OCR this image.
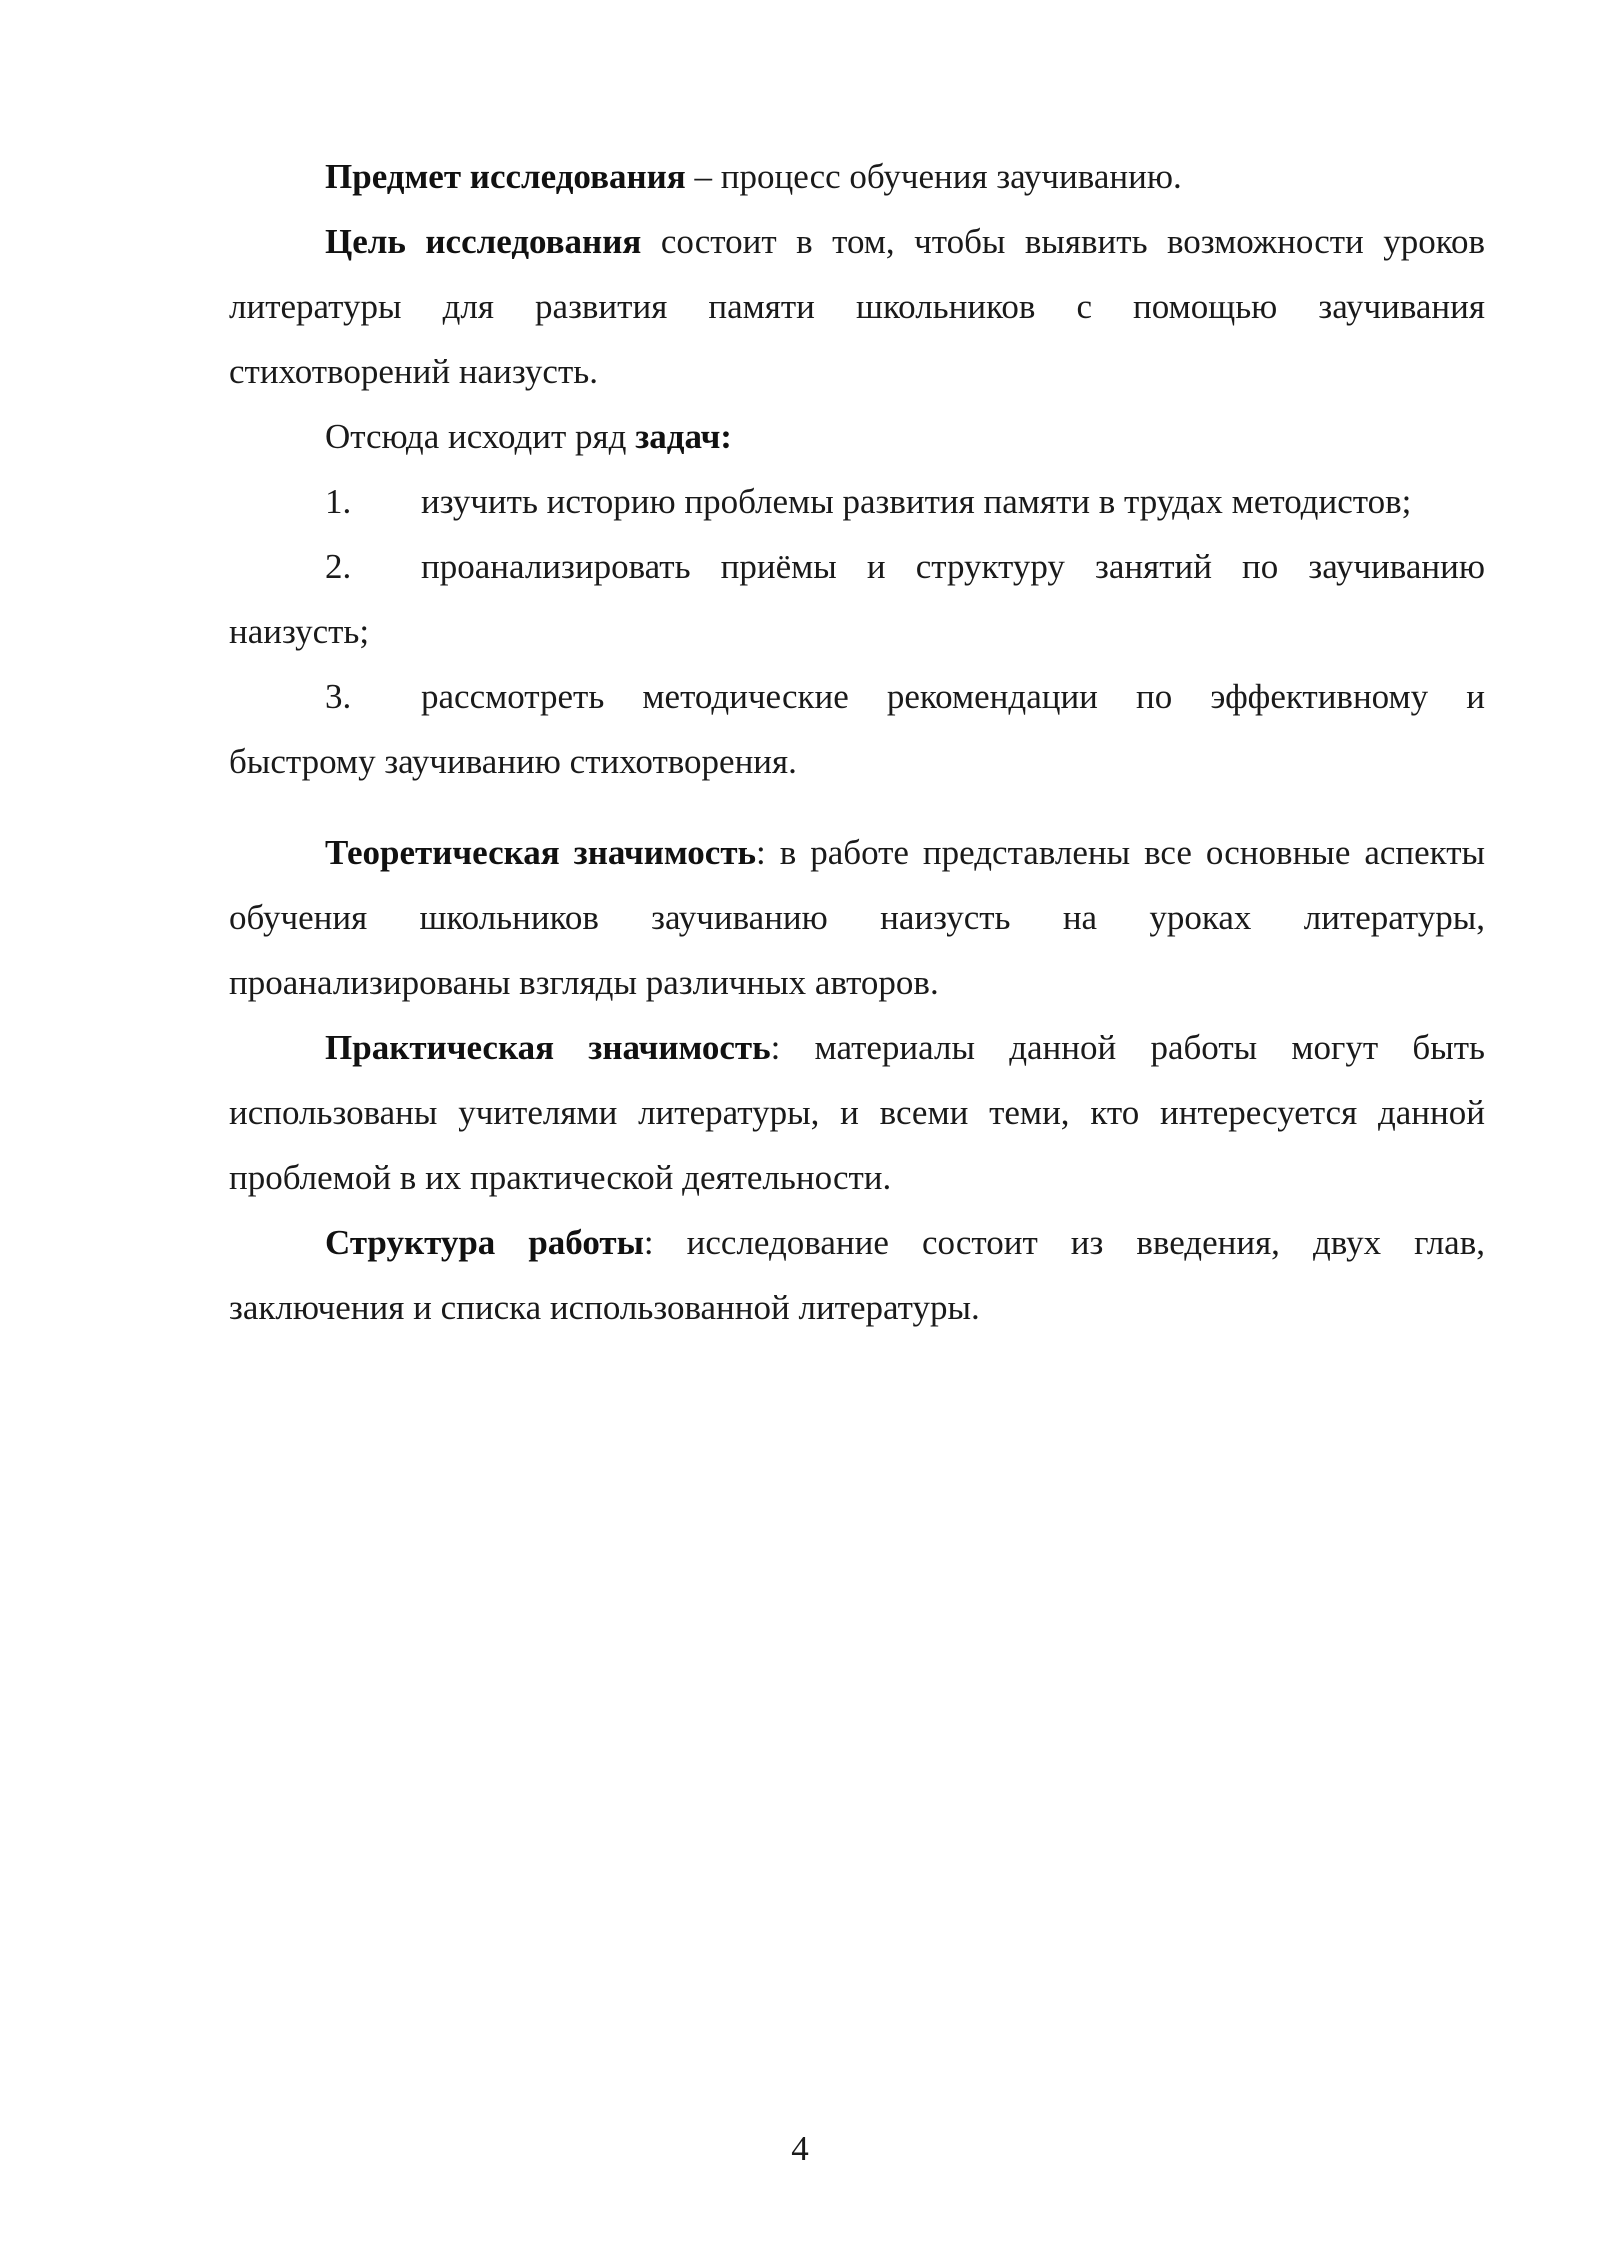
Предмет исследования – процесс обучения заучиванию.

Цель исследования состоит в том, чтобы выявить возможности уроков литературы для развития памяти школьников с помощью заучивания стихотворений наизусть.

Отсюда исходит ряд задач:

1. изучить историю проблемы развития памяти в трудах методистов;

2. проанализировать приёмы и структуру занятий по заучиванию наизусть;

3. рассмотреть методические рекомендации по эффективному и быстрому заучиванию стихотворения.

Теоретическая значимость: в работе представлены все основные аспекты обучения школьников заучиванию наизусть на уроках литературы, проанализированы взгляды различных авторов.

Практическая значимость: материалы данной работы могут быть использованы учителями литературы, и всеми теми, кто интересуется данной проблемой в их практической деятельности.

Структура работы: исследование состоит из введения, двух глав, заключения и списка использованной литературы.

4
